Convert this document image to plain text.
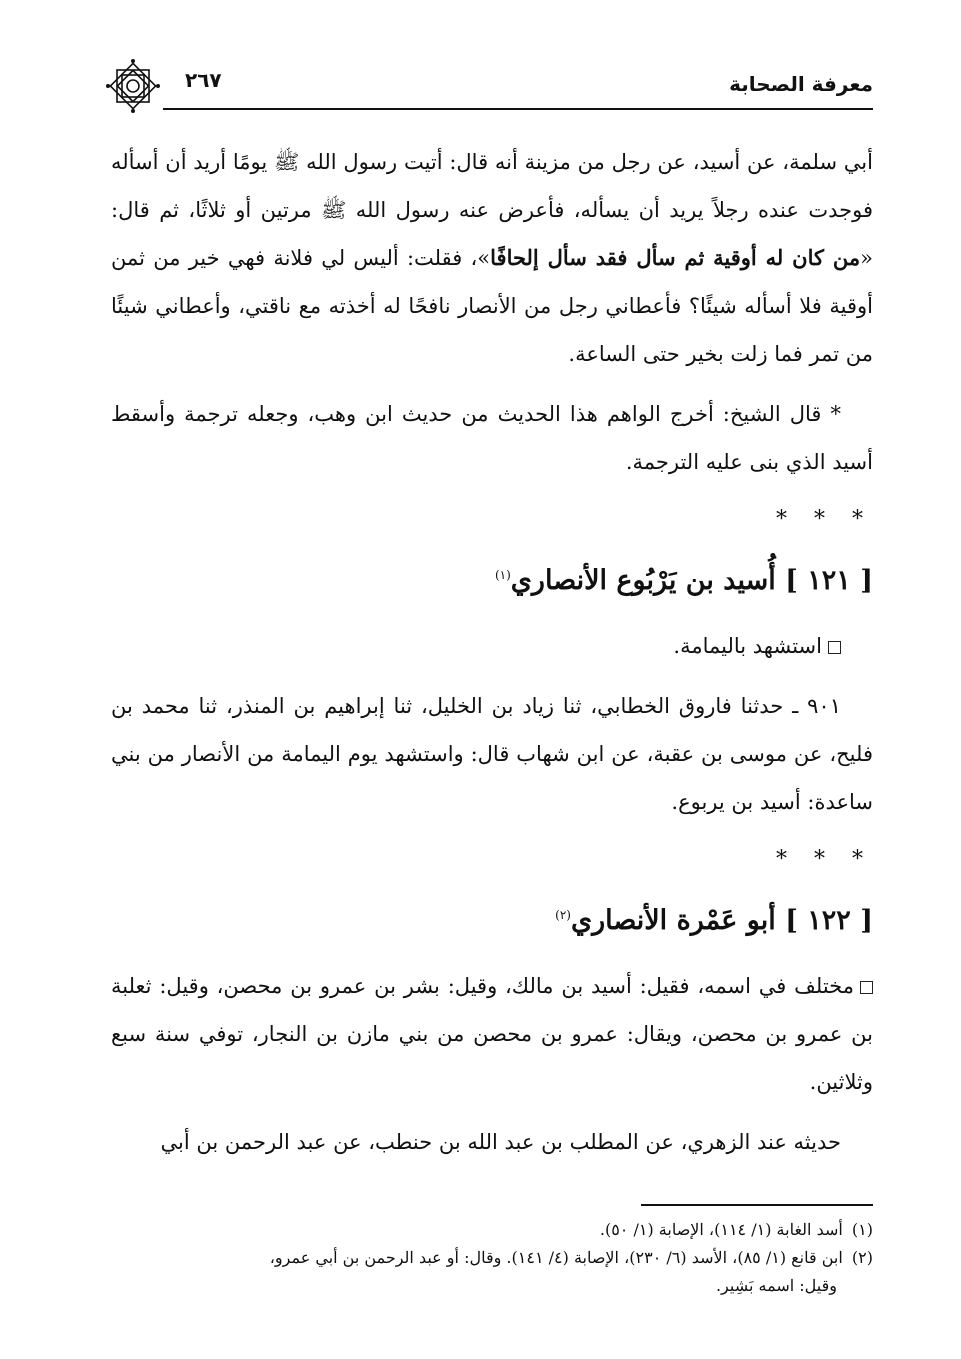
معرفة الصحابة
٢٦٧
أبي سلمة، عن أسيد، عن رجل من مزينة أنه قال: أتيت رسول الله ﷺ يومًا أريد أن أسأله فوجدت عنده رجلاً يريد أن يسأله، فأعرض عنه رسول الله ﷺ مرتين أو ثلاثًا، ثم قال: «من كان له أوقية ثم سأل فقد سأل إلحافًا»، فقلت: أليس لي فلانة فهي خير من ثمن أوقية فلا أسأله شيئًا؟ فأعطاني رجل من الأنصار نافحًا له أخذته مع ناقتي، وأعطاني شيئًا من تمر فما زلت بخير حتى الساعة.
* قال الشيخ: أخرج الواهم هذا الحديث من حديث ابن وهب، وجعله ترجمة وأسقط أسيد الذي بنى عليه الترجمة.
* * *
[ ١٢١ ] أُسيد بن يَرْبُوع الأنصاري$^{(١)}$
استشهد باليمامة.
٩٠١ ـ حدثنا فاروق الخطابي، ثنا زياد بن الخليل، ثنا إبراهيم بن المنذر، ثنا محمد بن فليح، عن موسى بن عقبة، عن ابن شهاب قال: واستشهد يوم اليمامة من الأنصار من بني ساعدة: أسيد بن يربوع.
* * *
[ ١٢٢ ] أبو عَمْرة الأنصاري$^{(٢)}$
مختلف في اسمه، فقيل: أسيد بن مالك، وقيل: بشر بن عمرو بن محصن، وقيل: ثعلبة بن عمرو بن محصن، ويقال: عمرو بن محصن من بني مازن بن النجار، توفي سنة سبع وثلاثين.
حديثه عند الزهري، عن المطلب بن عبد الله بن حنطب، عن عبد الرحمن بن أبي

(١) أسد الغابة (١/ ١١٤)، الإصابة (١/ ٥٠).

(٢) ابن قانع (١/ ٨٥)، الأسد (٦/ ٢٣٠)، الإصابة (٤/ ١٤١). وقال: أو عبد الرحمن بن أبي عمرو،

وقيل: اسمه بَشِير.
